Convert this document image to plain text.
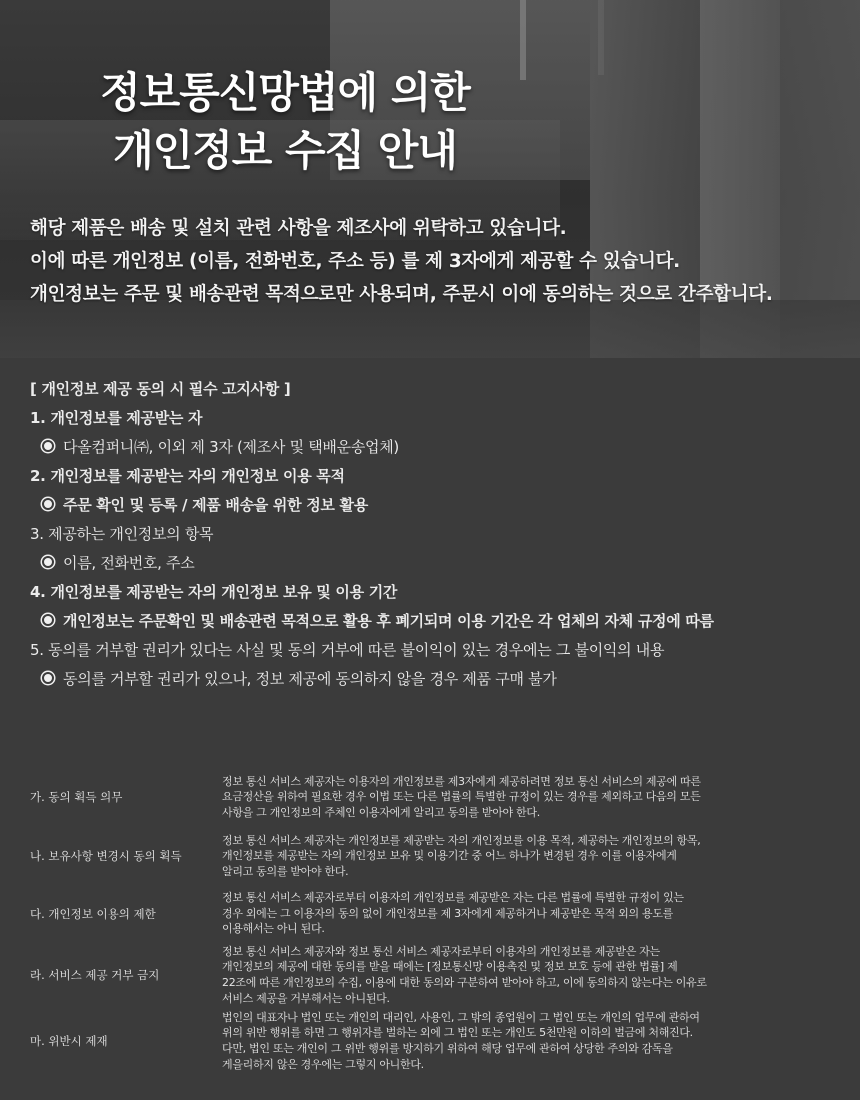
정보통신망법에 의한
개인정보 수집 안내
해당 제품은 배송 및 설치 관련 사항을 제조사에 위탁하고 있습니다.
이에 따른 개인정보 (이름, 전화번호, 주소 등) 를 제 3자에게 제공할 수 있습니다.
개인정보는 주문 및 배송관련 목적으로만 사용되며, 주문시 이에 동의하는 것으로 간주합니다.
[ 개인정보 제공 동의 시 필수 고지사항 ]
1. 개인정보를 제공받는 자
다올컴퍼니㈜, 이외 제 3자 (제조사 및 택배운송업체)
2. 개인정보를 제공받는 자의 개인정보 이용 목적
주문 확인 및 등록 / 제품 배송을 위한 정보 활용
3. 제공하는 개인정보의 항목
이름, 전화번호, 주소
4. 개인정보를 제공받는 자의 개인정보 보유 및 이용 기간
개인정보는 주문확인 및 배송관련 목적으로 활용 후 폐기되며 이용 기간은 각 업체의 자체 규정에 따름
5. 동의를 거부할 권리가 있다는 사실 및 동의 거부에 따른 불이익이 있는 경우에는 그 불이익의 내용
동의를 거부할 권리가 있으나, 정보 제공에 동의하지 않을 경우 제품 구매 불가
가. 동의 획득 의무	정보 통신 서비스 제공자는 이용자의 개인정보를 제3자에게 제공하려면 정보 통신 서비스의 제공에 따른
요금정산을 위하여 필요한 경우 이법 또는 다른 법률의 특별한 규정이 있는 경우를 제외하고 다음의 모든
사항을 그 개인정보의 주체인 이용자에게 알리고 동의를 받아야 한다.

나. 보유사항 변경시 동의 획득	정보 통신 서비스 제공자는 개인정보를 제공받는 자의 개인정보를 이용 목적, 제공하는 개인정보의 항목,
개인정보를 제공받는 자의 개인정보 보유 및 이용기간 중 어느 하나가 변경된 경우 이를 이용자에게
알리고 동의를 받아야 한다.

다. 개인정보 이용의 제한	정보 통신 서비스 제공자로부터 이용자의 개인정보를 제공받은 자는 다른 법률에 특별한 규정이 있는
경우 외에는 그 이용자의 동의 없이 개인정보를 제 3자에게 제공하거나 제공받은 목적 외의 용도를
이용해서는 아니 된다.

라. 서비스 제공 거부 금지	정보 통신 서비스 제공자와 정보 통신 서비스 제공자로부터 이용자의 개인정보를 제공받은 자는
개인정보의 제공에 대한 동의를 받을 때에는 [정보통신망 이용촉진 및 정보 보호 등에 관한 법률] 제
22조에 따른 개인정보의 수집, 이용에 대한 동의와 구분하여 받아야 하고, 이에 동의하지 않는다는 이유로
서비스 제공을 거부해서는 아니된다.

마. 위반시 제재	법인의 대표자나 법인 또는 개인의 대리인, 사용인, 그 밖의 종업원이 그 법인 또는 개인의 업무에 관하여
위의 위반 행위를 하면 그 행위자를 벌하는 외에 그 법인 또는 개인도 5천만원 이하의 벌금에 처해진다.
다만, 법인 또는 개인이 그 위반 행위를 방지하기 위하여 해당 업무에 관하여 상당한 주의와 감독을
게을리하지 않은 경우에는 그렇지 아니한다.
